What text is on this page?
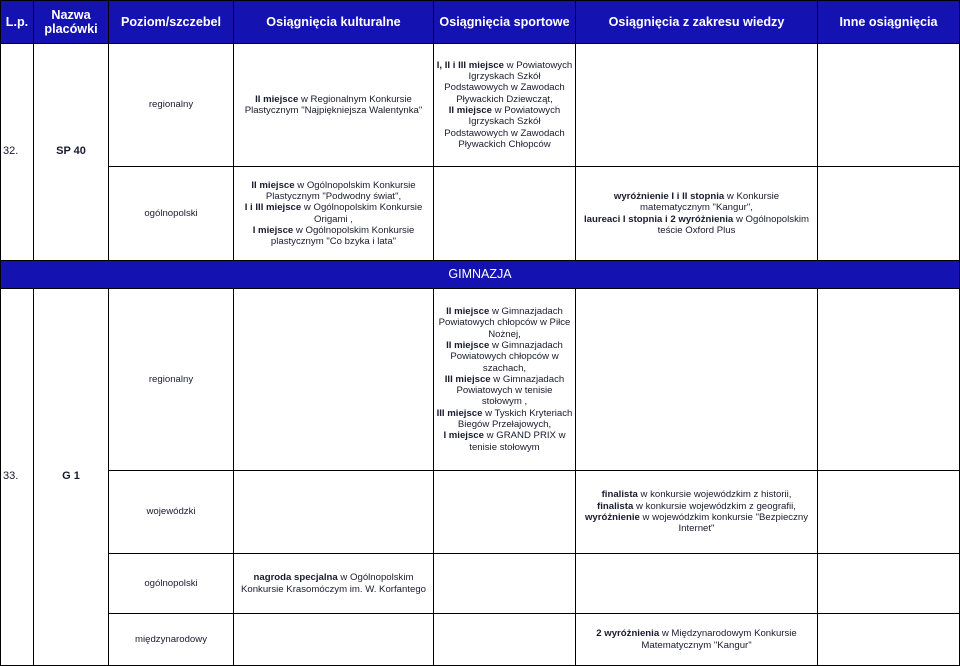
L.p.	Nazwa placówki	Poziom/szczebel	Osiągnięcia kulturalne	Osiągnięcia sportowe	Osiągnięcia z zakresu wiedzy	Inne osiągnięcia
32.	SP 40	regionalny	II miejsce w Regionalnym Konkursie Plastycznym "Najpiękniejsza Walentynka"	I, II i III miejsce w Powiatowych Igrzyskach Szkół Podstawowych w Zawodach Pływackich Dziewcząt,
II miejsce w Powiatowych Igrzyskach Szkół Podstawowych w Zawodach Pływackich Chłopców		

		ogólnopolski	II miejsce w Ogólnopolskim Konkursie Plastycznym "Podwodny świat",
I i III miejsce w Ogólnopolskim Konkursie Origami ,
I miejsce w Ogólnopolskim Konkursie plastycznym "Co bzyka i lata"		wyróżnienie I i II stopnia w Konkursie matematycznym "Kangur",
laureaci I stopnia i 2 wyróżnienia w Ogólnopolskim teście Oxford Plus	

GIMNAZJA						
33.	G 1	regionalny		II miejsce w Gimnazjadach Powiatowych chłopców w Piłce Nożnej,
II miejsce w Gimnazjadach Powiatowych chłopców w szachach,
III miejsce w Gimnazjadach Powiatowych w tenisie stołowym ,
III miejsce w Tyskich Kryteriach Biegów Przełajowych,
I miejsce w GRAND PRIX w tenisie stołowym		

		wojewódzki			finalista w konkursie wojewódzkim z historii,
finalista w konkursie wojewódzkim z geografii, wyróżnienie w wojewódzkim konkursie "Bezpieczny Internet"	

		ogólnopolski	nagroda specjalna w Ogólnopolskim Konkursie Krasomóczym im. W. Korfantego			
		międzynarodowy			2 wyróżnienia w Międzynarodowym Konkursie Matematycznym "Kangur"	
